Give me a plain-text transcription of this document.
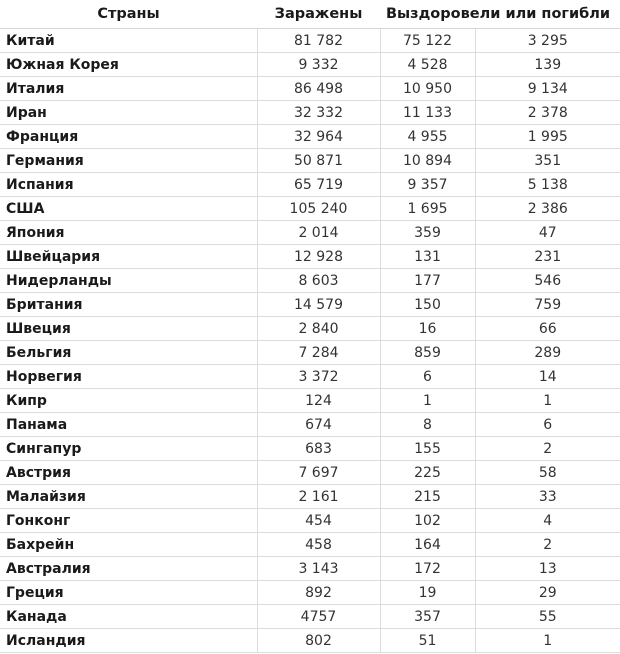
Страны	Заражены	Выздоровели или погибли	
Китай	81 782	75 122	3 295
Южная Корея	9 332	4 528	139
Италия	86 498	10 950	9 134
Иран	32 332	11 133	2 378
Франция	32 964	4 955	1 995
Германия	50 871	10 894	351
Испания	65 719	9 357	5 138
США	105 240	1 695	2 386
Япония	2 014	359	47
Швейцария	12 928	131	231
Нидерланды	8 603	177	546
Британия	14 579	150	759
Швеция	2 840	16	66
Бельгия	7 284	859	289
Норвегия	3 372	6	14
Кипр	124	1	1
Панама	674	8	6
Сингапур	683	155	2
Австрия	7 697	225	58
Малайзия	2 161	215	33
Гонконг	454	102	4
Бахрейн	458	164	2
Австралия	3 143	172	13
Греция	892	19	29
Канада	4757	357	55
Исландия	802	51	1
